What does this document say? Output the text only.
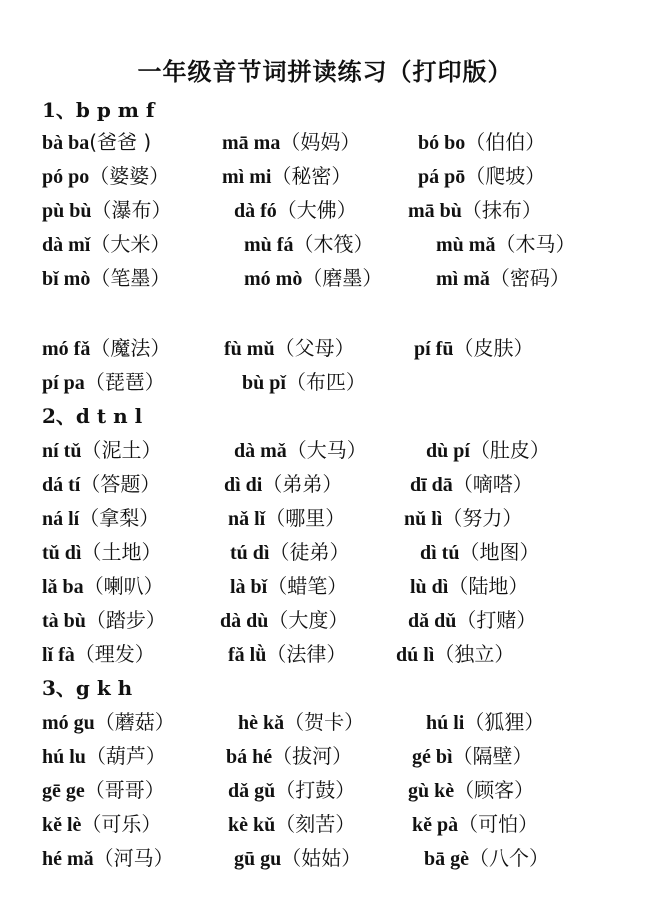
一年级音节词拼读练习（打印版）
1、b p m f
bà ba(爸爸 )	mā ma（妈妈）	bó bo（伯伯）
pó po（婆婆）	mì mi（秘密）	pá pō（爬坡）
pù bù（瀑布）	dà fó（大佛）	mā bù（抹布）
dà mǐ（大米）	mù fá（木筏）	mù mǎ（木马）
bǐ mò（笔墨）	mó mò（磨墨）	mì mǎ（密码）
mó fǎ（魔法）	fù mǔ（父母）	pí fū（皮肤）
pí pa（琵琶）	bù pǐ（布匹）
2、d t n l
ní tǔ（泥土）	dà mǎ（大马）	dù pí（肚皮）
dá tí（答题）	dì di（弟弟）	dī dā（嘀嗒）
ná lí（拿梨）	nǎ lǐ（哪里）	nǔ lì（努力）
tǔ dì（土地）	tú dì（徒弟）	dì tú（地图）
lǎ ba（喇叭）	là bǐ（蜡笔）	lù dì（陆地）
tà bù（踏步）	dà dù（大度）	dǎ dǔ（打赌）
lǐ fà（理发）	fǎ lǜ（法律） dú lì（独立）
3、g k h
mó gu（蘑菇）	hè kǎ（贺卡）	hú li（狐狸）
hú lu（葫芦）	bá hé（拔河）	gé bì（隔壁）
gē ge（哥哥）	dǎ gǔ（打鼓）	gù kè（顾客）
kě lè（可乐）	kè kǔ（刻苦）	kě pà（可怕）
hé mǎ（河马）	gū gu（姑姑）	bā gè（八个）
